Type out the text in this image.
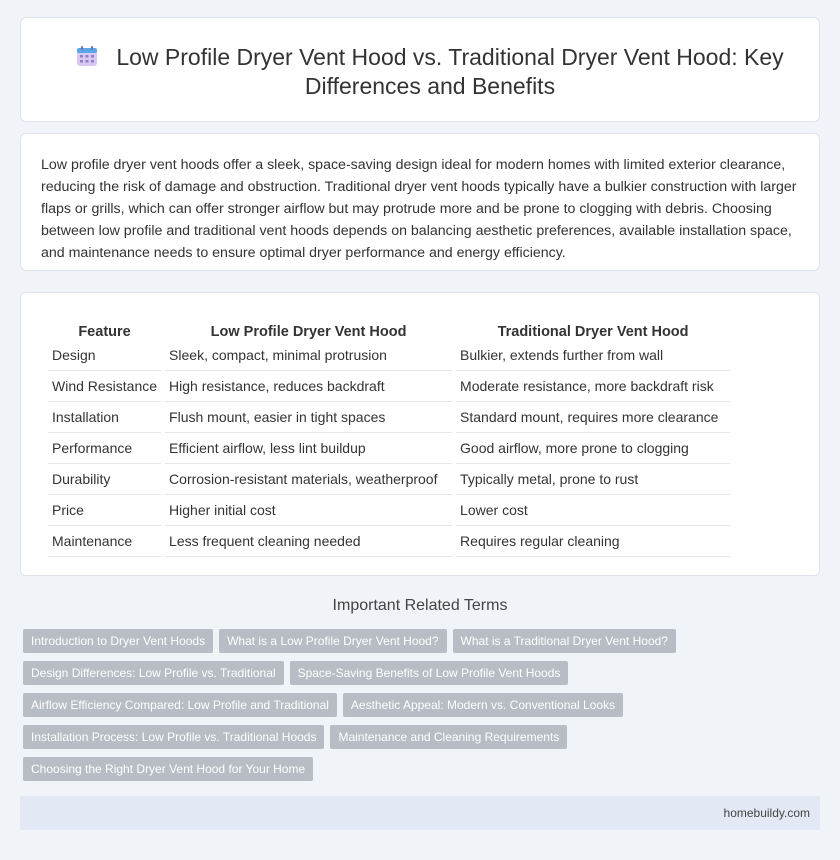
Low Profile Dryer Vent Hood vs. Traditional Dryer Vent Hood: Key Differences and Benefits

Low profile dryer vent hoods offer a sleek, space-saving design ideal for modern homes with limited exterior clearance, reducing the risk of damage and obstruction. Traditional dryer vent hoods typically have a bulkier construction with larger flaps or grills, which can offer stronger airflow but may protrude more and be prone to clogging with debris. Choosing between low profile and traditional vent hoods depends on balancing aesthetic preferences, available installation space, and maintenance needs to ensure optimal dryer performance and energy efficiency.

Feature	Low Profile Dryer Vent Hood	Traditional Dryer Vent Hood
Design	Sleek, compact, minimal protrusion	Bulkier, extends further from wall
Wind Resistance	High resistance, reduces backdraft	Moderate resistance, more backdraft risk
Installation	Flush mount, easier in tight spaces	Standard mount, requires more clearance
Performance	Efficient airflow, less lint buildup	Good airflow, more prone to clogging
Durability	Corrosion-resistant materials, weatherproof	Typically metal, prone to rust
Price	Higher initial cost	Lower cost
Maintenance	Less frequent cleaning needed	Requires regular cleaning
Important Related Terms
Introduction to Dryer Vent Hoods	What is a Low Profile Dryer Vent Hood?	What is a Traditional Dryer Vent Hood?
Design Differences: Low Profile vs. Traditional	Space-Saving Benefits of Low Profile Vent Hoods
Airflow Efficiency Compared: Low Profile and Traditional	Aesthetic Appeal: Modern vs. Conventional Looks
Installation Process: Low Profile vs. Traditional Hoods	Maintenance and Cleaning Requirements
Choosing the Right Dryer Vent Hood for Your Home
homebuildy.com
